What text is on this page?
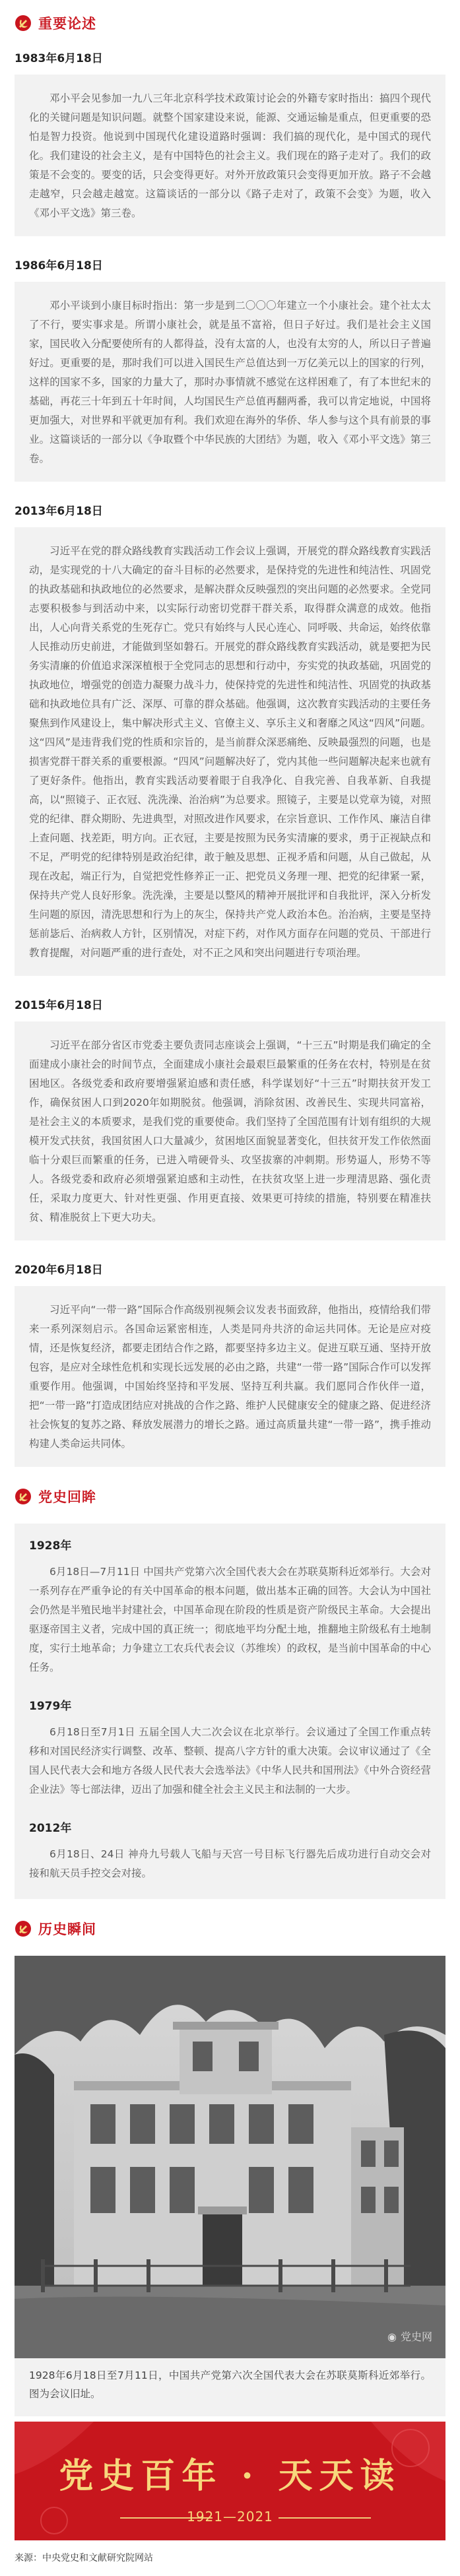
重要论述
1983年6月18日

邓小平会见参加一九八三年北京科学技术政策讨论会的外籍专家时指出：搞四个现代化的关键问题是知识问题。就整个国家建设来说，能源、交通运输是重点，但更重要的恐怕是智力投资。他说到中国现代化建设道路时强调：我们搞的现代化，是中国式的现代化。我们建设的社会主义，是有中国特色的社会主义。我们现在的路子走对了。我们的政策是不会变的。要变的话，只会变得更好。对外开放政策只会变得更加开放。路子不会越走越窄，只会越走越宽。这篇谈话的一部分以《路子走对了，政策不会变》为题，收入《邓小平文选》第三卷。

1986年6月18日

邓小平谈到小康目标时指出：第一步是到二〇〇〇年建立一个小康社会。建个社太太了不行，要实事求是。所谓小康社会，就是虽不富裕，但日子好过。我们是社会主义国家，国民收入分配要使所有的人都得益，没有太富的人，也没有太穷的人，所以日子普遍好过。更重要的是，那时我们可以进入国民生产总值达到一万亿美元以上的国家的行列，这样的国家不多，国家的力量大了，那时办事情就不感觉在这样困难了，有了本世纪末的基础，再花三十年到五十年时间，人均国民生产总值再翻两番，我可以肯定地说，中国将更加强大，对世界和平就更加有利。我们欢迎在海外的华侨、华人参与这个具有前景的事业。这篇谈话的一部分以《争取暨个中华民族的大团结》为题，收入《邓小平文选》第三卷。

2013年6月18日

习近平在党的群众路线教育实践活动工作会议上强调，开展党的群众路线教育实践活动，是实现党的十八大确定的奋斗目标的必然要求，是保持党的先进性和纯洁性、巩固党的执政基础和执政地位的必然要求，是解决群众反映强烈的突出问题的必然要求。全党同志要积极参与到活动中来，以实际行动密切党群干群关系，取得群众满意的成效。他指出，人心向背关系党的生死存亡。党只有始终与人民心连心、同呼吸、共命运，始终依靠人民推动历史前进，才能做到坚如磐石。开展党的群众路线教育实践活动，就是要把为民务实清廉的价值追求深深植根于全党同志的思想和行动中，夯实党的执政基础，巩固党的执政地位，增强党的创造力凝聚力战斗力，使保持党的先进性和纯洁性、巩固党的执政基础和执政地位具有广泛、深厚、可靠的群众基础。他强调，这次教育实践活动的主要任务聚焦到作风建设上，集中解决形式主义、官僚主义、享乐主义和奢靡之风这“四风”问题。这“四风”是违背我们党的性质和宗旨的，是当前群众深恶痛绝、反映最强烈的问题，也是损害党群干群关系的重要根源。“四风”问题解决好了，党内其他一些问题解决起来也就有了更好条件。他指出，教育实践活动要着眼于自我净化、自我完善、自我革新、自我提高，以“照镜子、正衣冠、洗洗澡、治治病”为总要求。照镜子，主要是以党章为镜，对照党的纪律、群众期盼、先进典型，对照改进作风要求，在宗旨意识、工作作风、廉洁自律上查问题、找差距，明方向。正衣冠，主要是按照为民务实清廉的要求，勇于正视缺点和不足，严明党的纪律特别是政治纪律，敢于触及思想、正视矛盾和问题，从自己做起，从现在改起，端正行为，自觉把党性修养正一正、把党员义务理一理、把党的纪律紧一紧，保持共产党人良好形象。洗洗澡，主要是以整风的精神开展批评和自我批评，深入分析发生问题的原因，清洗思想和行为上的灰尘，保持共产党人政治本色。治治病，主要是坚持惩前毖后、治病救人方针，区别情况，对症下药，对作风方面存在问题的党员、干部进行教育提醒，对问题严重的进行查处，对不正之风和突出问题进行专项治理。

2015年6月18日

习近平在部分省区市党委主要负责同志座谈会上强调，“十三五”时期是我们确定的全面建成小康社会的时间节点，全面建成小康社会最艰巨最繁重的任务在农村，特别是在贫困地区。各级党委和政府要增强紧迫感和责任感，科学谋划好“十三五”时期扶贫开发工作，确保贫困人口到2020年如期脱贫。他强调，消除贫困、改善民生、实现共同富裕，是社会主义的本质要求，是我们党的重要使命。我们坚持了全国范围有计划有组织的大规模开发式扶贫，我国贫困人口大量减少，贫困地区面貌显著变化，但扶贫开发工作依然面临十分艰巨而繁重的任务，已进入啃硬骨头、攻坚拔寨的冲刺期。形势逼人，形势不等人。各级党委和政府必须增强紧迫感和主动性，在扶贫攻坚上进一步理清思路、强化责任，采取力度更大、针对性更强、作用更直接、效果更可持续的措施，特别要在精准扶贫、精准脱贫上下更大功夫。

2020年6月18日

习近平向“一带一路”国际合作高级别视频会议发表书面致辞，他指出，疫情给我们带来一系列深刻启示。各国命运紧密相连，人类是同舟共济的命运共同体。无论是应对疫情，还是恢复经济，都要走团结合作之路，都要坚持多边主义。促进互联互通、坚持开放包容，是应对全球性危机和实现长远发展的必由之路，共建“一带一路”国际合作可以发挥重要作用。他强调，中国始终坚持和平发展、坚持互利共赢。我们愿同合作伙伴一道，把“一带一路”打造成团结应对挑战的合作之路、维护人民健康安全的健康之路、促进经济社会恢复的复苏之路、释放发展潜力的增长之路。通过高质量共建“一带一路”，携手推动构建人类命运共同体。

党史回眸
1928年

6月18日—7月11日 中国共产党第六次全国代表大会在苏联莫斯科近郊举行。大会对一系列存在严重争论的有关中国革命的根本问题，做出基本正确的回答。大会认为中国社会仍然是半殖民地半封建社会，中国革命现在阶段的性质是资产阶级民主革命。大会提出驱逐帝国主义者，完成中国的真正统一；彻底地平均分配土地，推翻地主阶级私有土地制度，实行土地革命；力争建立工农兵代表会议（苏维埃）的政权，是当前中国革命的中心任务。

1979年

6月18日至7月1日 五届全国人大二次会议在北京举行。会议通过了全国工作重点转移和对国民经济实行调整、改革、整顿、提高八字方针的重大决策。会议审议通过了《全国人民代表大会和地方各级人民代表大会选举法》《中华人民共和国刑法》《中外合资经营企业法》等七部法律，迈出了加强和健全社会主义民主和法制的一大步。

2012年

6月18日、24日 神舟九号载人飞船与天宫一号目标飞行器先后成功进行自动交会对接和航天员手控交会对接。

历史瞬间
◉ 党史网
1928年6月18日至7月11日，中国共产党第六次全国代表大会在苏联莫斯科近郊举行。图为会议旧址。
党史百年 · 天天读
1921—2021
来源：中央党史和文献研究院网站
